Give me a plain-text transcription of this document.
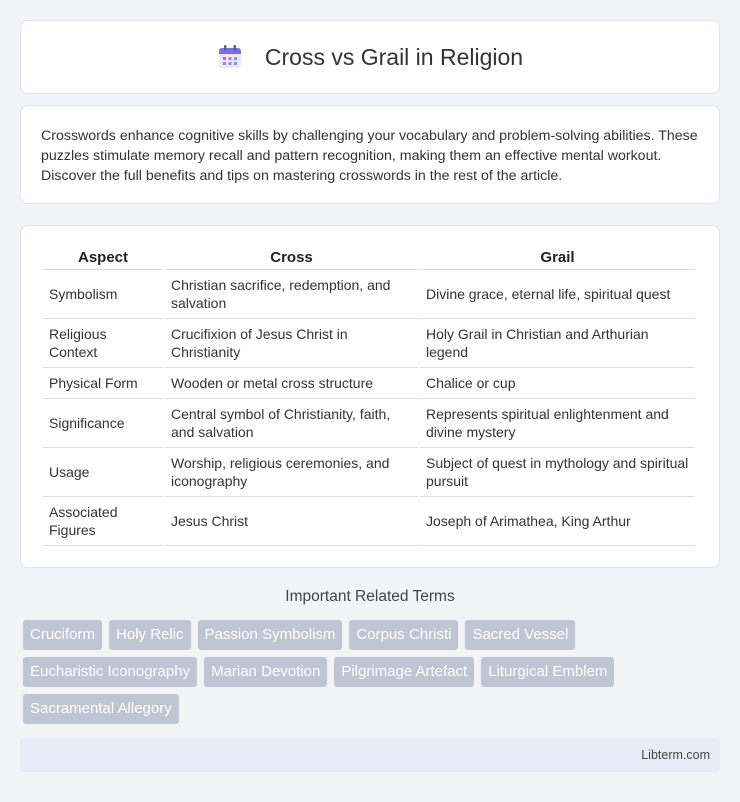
Cross vs Grail in Religion

Crosswords enhance cognitive skills by challenging your vocabulary and problem-solving abilities. These puzzles stimulate memory recall and pattern recognition, making them an effective mental workout. Discover the full benefits and tips on mastering crosswords in the rest of the article.

Aspect	Cross	Grail
Symbolism	Christian sacrifice, redemption, and salvation	Divine grace, eternal life, spiritual quest
Religious Context	Crucifixion of Jesus Christ in Christianity	Holy Grail in Christian and Arthurian legend
Physical Form	Wooden or metal cross structure	Chalice or cup
Significance	Central symbol of Christianity, faith, and salvation	Represents spiritual enlightenment and divine mystery
Usage	Worship, religious ceremonies, and iconography	Subject of quest in mythology and spiritual pursuit
Associated Figures	Jesus Christ	Joseph of Arimathea, King Arthur
Important Related Terms
Cruciform	Holy Relic	Passion Symbolism	Corpus Christi	Sacred Vessel
Eucharistic Iconography	Marian Devotion	Pilgrimage Artefact	Liturgical Emblem
Sacramental Allegory
Libterm.com
